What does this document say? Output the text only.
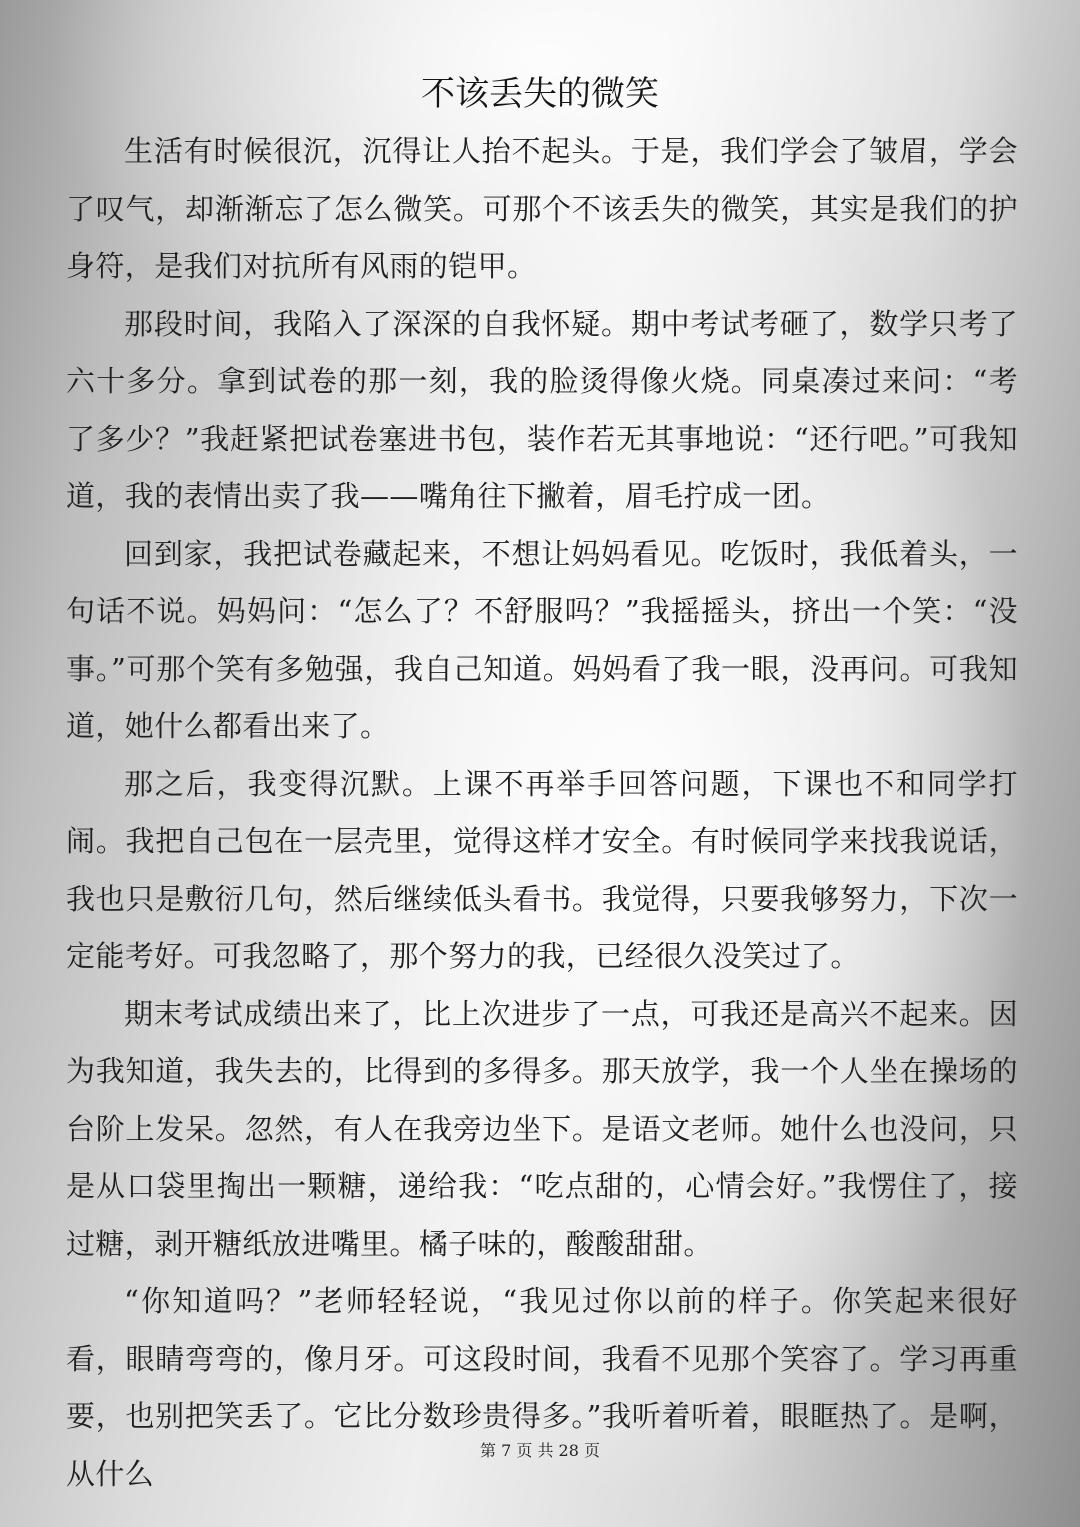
不该丢失的微笑

生活有时候很沉，沉得让人抬不起头。于是，我们学会了皱眉，学会了叹气，却渐渐忘了怎么微笑。可那个不该丢失的微笑，其实是我们的护身符，是我们对抗所有风雨的铠甲。

那段时间，我陷入了深深的自我怀疑。期中考试考砸了，数学只考了六十多分。拿到试卷的那一刻，我的脸烫得像火烧。同桌凑过来问：“考了多少？”我赶紧把试卷塞进书包，装作若无其事地说：“还行吧。”可我知道，我的表情出卖了我——嘴角往下撇着，眉毛拧成一团。

回到家，我把试卷藏起来，不想让妈妈看见。吃饭时，我低着头，一句话不说。妈妈问：“怎么了？不舒服吗？”我摇摇头，挤出一个笑：“没事。”可那个笑有多勉强，我自己知道。妈妈看了我一眼，没再问。可我知道，她什么都看出来了。

那之后，我变得沉默。上课不再举手回答问题，下课也不和同学打闹。我把自己包在一层壳里，觉得这样才安全。有时候同学来找我说话，我也只是敷衍几句，然后继续低头看书。我觉得，只要我够努力，下次一定能考好。可我忽略了，那个努力的我，已经很久没笑过了。

期末考试成绩出来了，比上次进步了一点，可我还是高兴不起来。因为我知道，我失去的，比得到的多得多。那天放学，我一个人坐在操场的台阶上发呆。忽然，有人在我旁边坐下。是语文老师。她什么也没问，只是从口袋里掏出一颗糖，递给我：“吃点甜的，心情会好。”我愣住了，接过糖，剥开糖纸放进嘴里。橘子味的，酸酸甜甜。

“你知道吗？”老师轻轻说，“我见过你以前的样子。你笑起来很好看，眼睛弯弯的，像月牙。可这段时间，我看不见那个笑容了。学习再重要，也别把笑丢了。它比分数珍贵得多。”我听着听着，眼眶热了。是啊，从什么

第 7 页 共 28 页
